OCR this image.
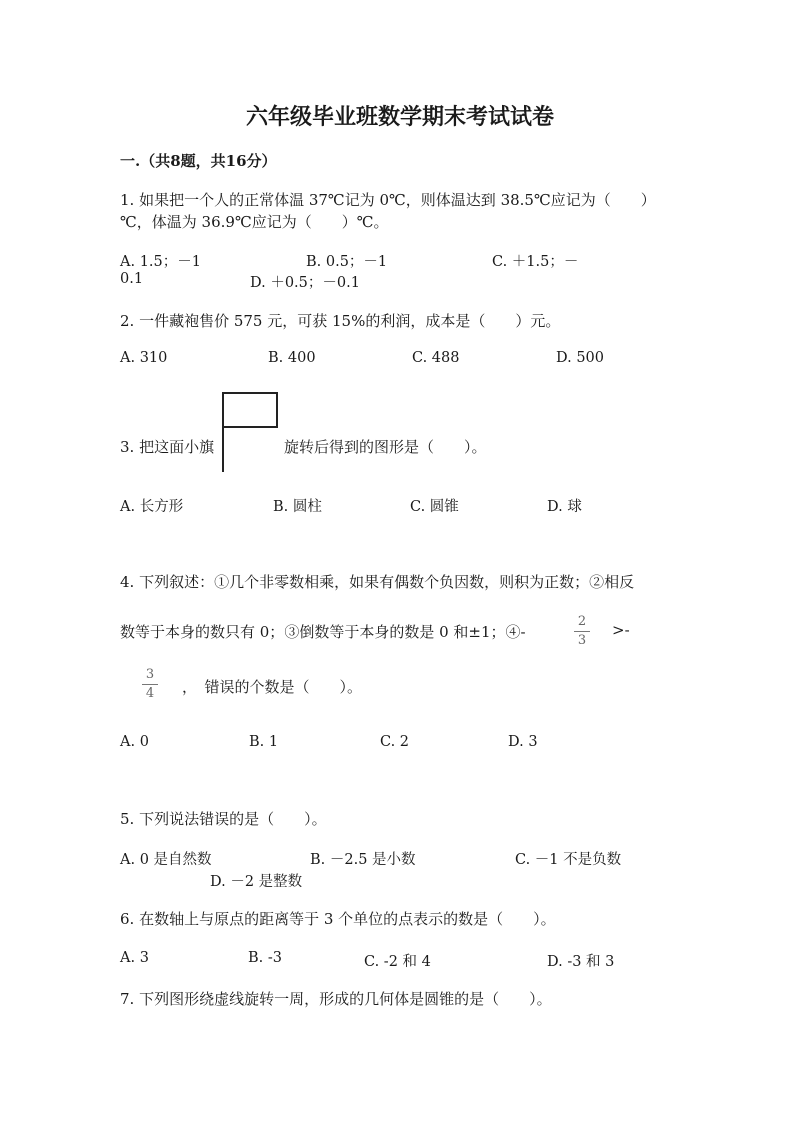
六年级毕业班数学期末考试试卷
一.（共8题，共16分）
1. 如果把一个人的正常体温 37℃记为 0℃，则体温达到 38.5℃应记为（　　）
℃，体温为 36.9℃应记为（　　）℃。
A. 1.5；－1	B. 0.5；－1	C. ＋1.5；－
0.1	D. ＋0.5；－0.1
2. 一件藏袍售价 575 元，可获 15%的利润，成本是（　　）元。
A. 310	B. 400	C. 488	D. 500
3. 把这面小旗	旋转后得到的图形是（　　）。
A. 长方形	B. 圆柱	C. 圆锥	D. 球
4. 下列叙述：①几个非零数相乘，如果有偶数个负因数，则积为正数；②相反
数等于本身的数只有 0；③倒数等于本身的数是 0 和±1；④-
2
3
>-
3
4	，　错误的个数是（　　）。
A. 0	B. 1	C. 2	D. 3
5. 下列说法错误的是（　　）。
A. 0 是自然数	B. －2.5 是小数	C. －1 不是负数
D. －2 是整数
6. 在数轴上与原点的距离等于 3 个单位的点表示的数是（　　）。
A. 3	B. -3	C. -2 和 4	D. -3 和 3
7. 下列图形绕虚线旋转一周，形成的几何体是圆锥的是（　　）。
